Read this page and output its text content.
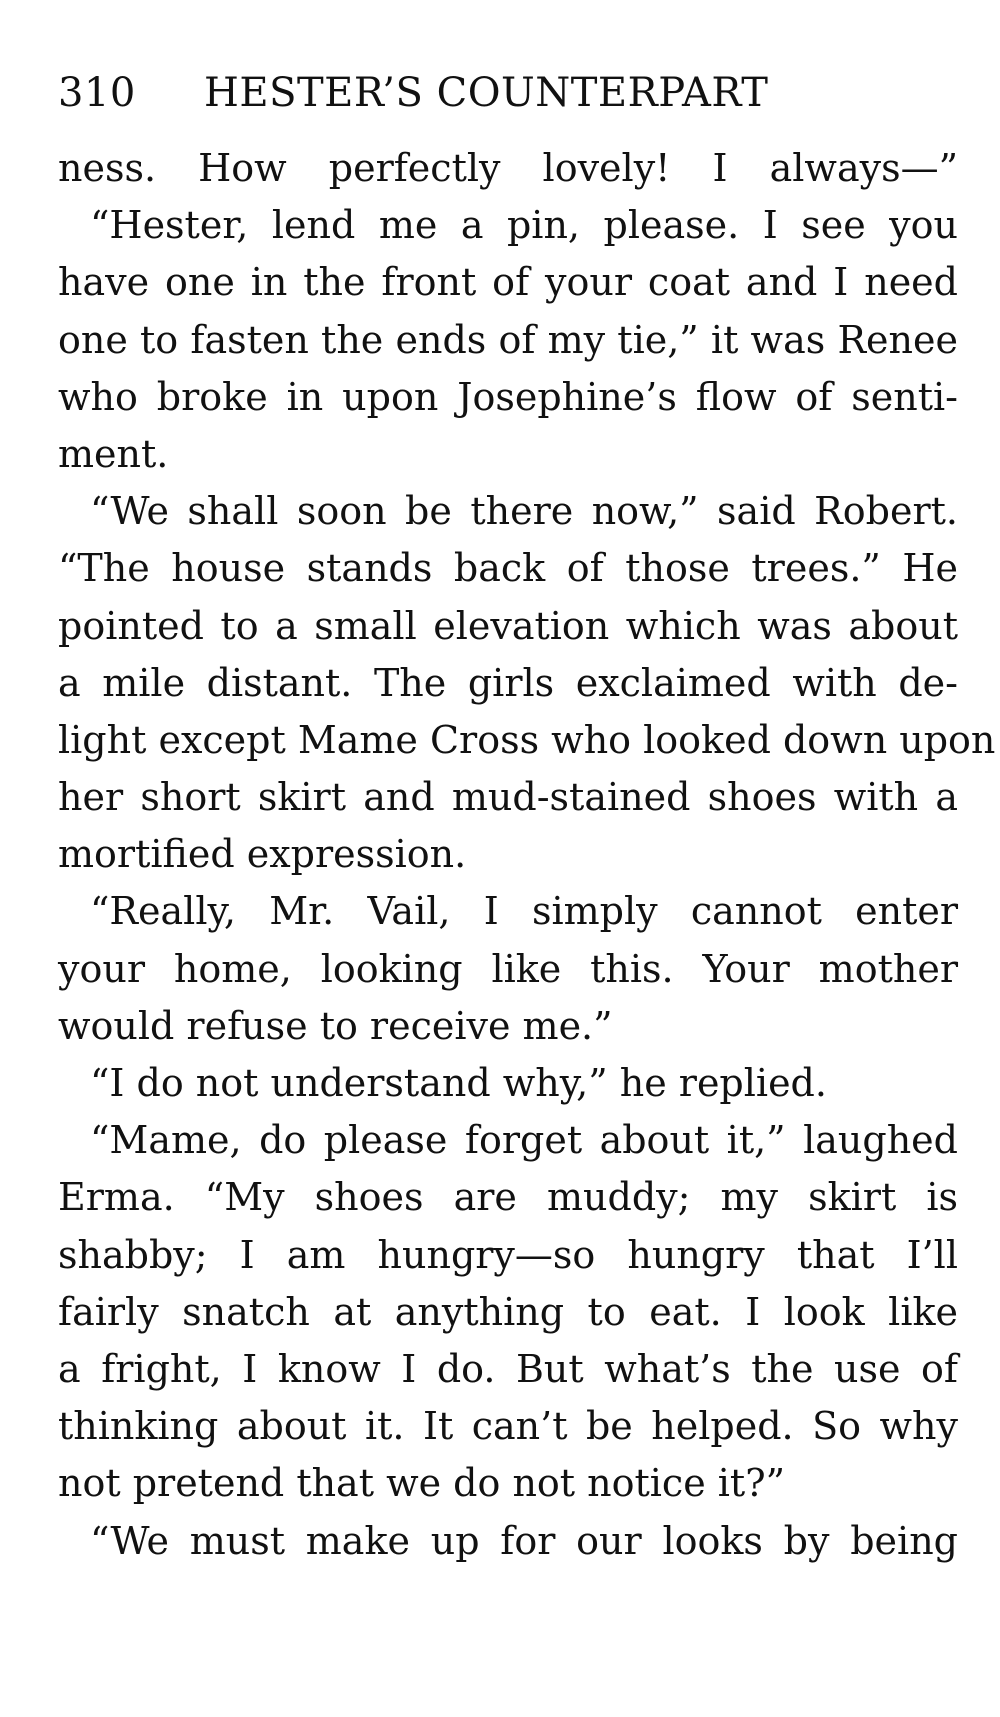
310	HESTER’S COUNTERPART
ness. How perfectly lovely! I always—”
“Hester, lend me a pin, please. I see you
have one in the front of your coat and I need
one to fasten the ends of my tie,” it was Renee
who broke in upon Josephine’s flow of senti-
ment.
“We shall soon be there now,” said Robert.
“The house stands back of those trees.” He
pointed to a small elevation which was about
a mile distant. The girls exclaimed with de-
light except Mame Cross who looked down upon
her short skirt and mud-stained shoes with a
mortified expression.
“Really, Mr. Vail, I simply cannot enter
your home, looking like this. Your mother
would refuse to receive me.”
“I do not understand why,” he replied.
“Mame, do please forget about it,” laughed
Erma. “My shoes are muddy; my skirt is
shabby; I am hungry—so hungry that I’ll
fairly snatch at anything to eat. I look like
a fright, I know I do. But what’s the use of
thinking about it. It can’t be helped. So why
not pretend that we do not notice it?”
“We must make up for our looks by being
